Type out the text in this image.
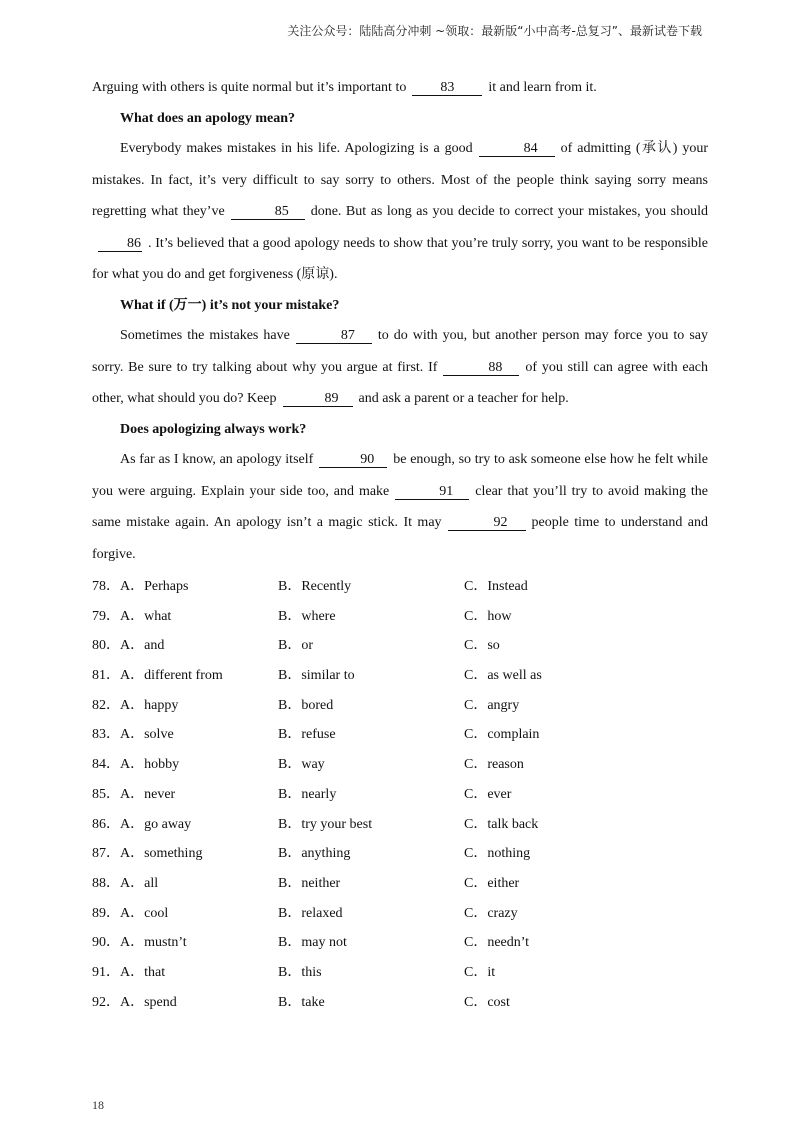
关注公众号：陆陆高分冲刺 ~领取：最新版“小中高考-总复习”、最新试卷下载

Arguing with others is quite normal but it’s important to 83 it and learn from it.

What does an apology mean?

Everybody makes mistakes in his life. Apologizing is a good	84 of admitting (承认) your mistakes. In fact, it’s very difficult to say sorry to others. Most of the people think saying sorry means regretting what they’ve	85 done. But as long as you decide to correct your mistakes, you should86 . It’s believed that a good apology needs to show that you’re truly sorry, you want to be responsible for what you do and get forgiveness (原谅).

What if (万一) it’s not your mistake?

Sometimes the mistakes have	87 to do with you, but another person may force you to say sorry. Be sure to try talking about why you argue at first. If	88 of you still can agree with each other, what should you do? Keep	89 and ask a parent or a teacher for help.

Does apologizing always work?

As far as I know, an apology itself	90 be enough, so try to ask someone else how he felt while you were arguing. Explain your side too, and make	91 clear that you’ll try to avoid making the same mistake again. An apology isn’t a magic stick. It may	92 people time to understand and forgive.

78．A．Perhaps	B．Recently	C．Instead
79．A．what	B．where	C．how
80．A．and	B．or	C．so
81．A．different from	B．similar to	C．as well as
82．A．happy	B．bored	C．angry
83．A．solve	B．refuse	C．complain
84．A．hobby	B．way	C．reason
85．A．never	B．nearly	C．ever
86．A．go away	B．try your best	C．talk back
87．A．something	B．anything	C．nothing
88．A．all	B．neither	C．either
89．A．cool	B．relaxed	C．crazy
90．A．mustn’t	B．may not	C．needn’t
91．A．that	B．this	C．it
92．A．spend	B．take	C．cost
18
